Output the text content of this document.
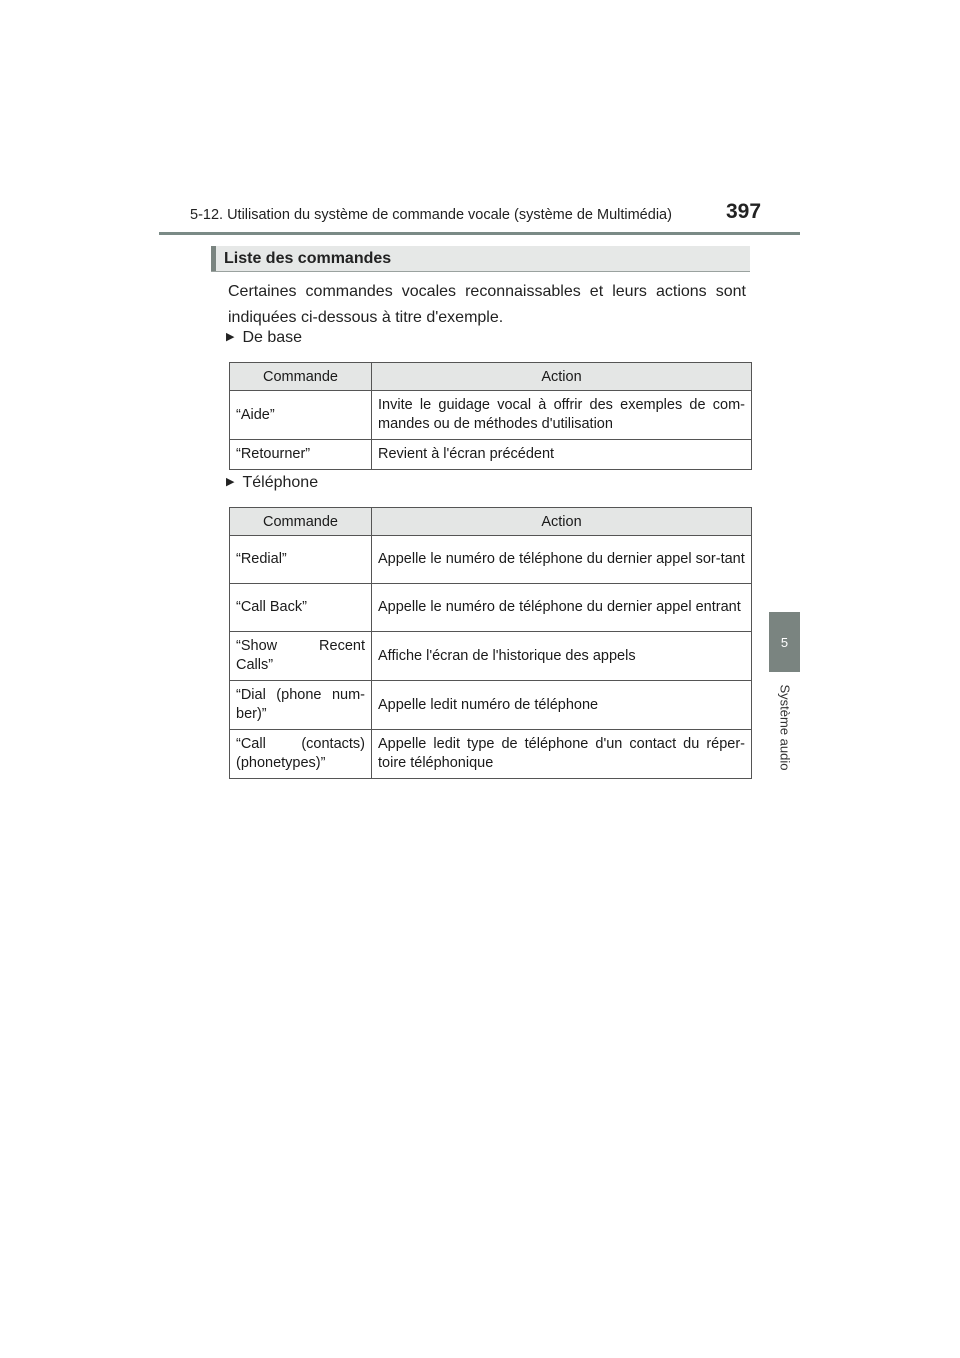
5-12. Utilisation du système de commande vocale (système de Multimédia)	397
5
Système audio
Liste des commandes
Certaines commandes vocales reconnaissables et leurs actions sont indiquées ci-dessous à titre d'exemple.
▶ De base
Commande	Action
“Aide”	Invite le guidage vocal à offrir des exemples de com-mandes ou de méthodes d'utilisation
“Retourner”	Revient à l'écran précédent
▶ Téléphone
Commande	Action
“Redial”	Appelle le numéro de téléphone du dernier appel sor-tant
“Call Back”	Appelle le numéro de téléphone du dernier appel entrant
“Show Recent Calls”	Affiche l'écran de l'historique des appels
“Dial (phone num-ber)”	Appelle ledit numéro de téléphone
“Call (contacts) (phonetypes)”	Appelle ledit type de téléphone d'un contact du réper-toire téléphonique
